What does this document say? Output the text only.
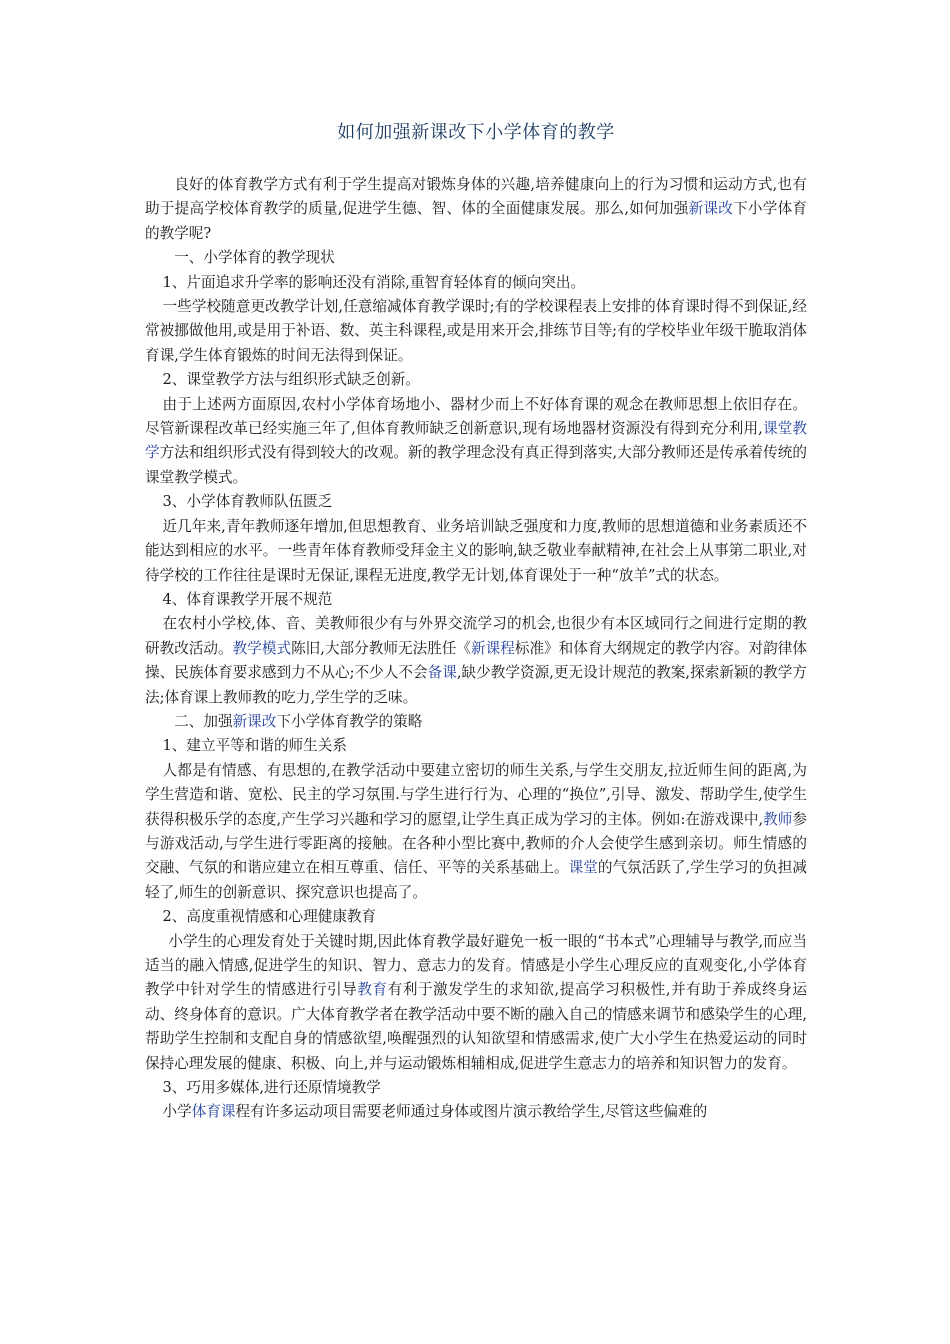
如何加强新课改下小学体育的教学

良好的体育教学方式有利于学生提高对锻炼身体的兴趣,培养健康向上的行为习惯和运动方式,也有助于提高学校体育教学的质量,促进学生德、智、体的全面健康发展。那么,如何加强新课改下小学体育的教学呢?

一、小学体育的教学现状

1、片面追求升学率的影响还没有消除,重智育轻体育的倾向突出。

一些学校随意更改教学计划,任意缩减体育教学课时;有的学校课程表上安排的体育课时得不到保证,经常被挪做他用,或是用于补语、数、英主科课程,或是用来开会,排练节目等;有的学校毕业年级干脆取消体育课,学生体育锻炼的时间无法得到保证。

2、课堂教学方法与组织形式缺乏创新。

由于上述两方面原因,农村小学体育场地小、器材少而上不好体育课的观念在教师思想上依旧存在。尽管新课程改革已经实施三年了,但体育教师缺乏创新意识,现有场地器材资源没有得到充分利用,课堂教学方法和组织形式没有得到较大的改观。新的教学理念没有真正得到落实,大部分教师还是传承着传统的课堂教学模式。

3、小学体育教师队伍匮乏

近几年来,青年教师逐年增加,但思想教育、业务培训缺乏强度和力度,教师的思想道德和业务素质还不能达到相应的水平。一些青年体育教师受拜金主义的影响,缺乏敬业奉献精神,在社会上从事第二职业,对待学校的工作往往是课时无保证,课程无进度,教学无计划,体育课处于一种“放羊”式的状态。

4、体育课教学开展不规范

在农村小学校,体、音、美教师很少有与外界交流学习的机会,也很少有本区域同行之间进行定期的教研教改活动。教学模式陈旧,大部分教师无法胜任《新课程标准》和体育大纲规定的教学内容。对韵律体操、民族体育要求感到力不从心;不少人不会备课,缺少教学资源,更无设计规范的教案,探索新颖的教学方法;体育课上教师教的吃力,学生学的乏味。

二、加强新课改下小学体育教学的策略

1、建立平等和谐的师生关系

人都是有情感、有思想的,在教学活动中要建立密切的师生关系,与学生交朋友,拉近师生间的距离,为学生营造和谐、宽松、民主的学习氛围.与学生进行行为、心理的“换位”,引导、激发、帮助学生,使学生获得积极乐学的态度,产生学习兴趣和学习的愿望,让学生真正成为学习的主体。例如:在游戏课中,教师参与游戏活动,与学生进行零距离的接触。在各种小型比赛中,教师的介人会使学生感到亲切。师生情感的交融、气氛的和谐应建立在相互尊重、信任、平等的关系基础上。课堂的气氛活跃了,学生学习的负担减轻了,师生的创新意识、探究意识也提高了。

2、高度重视情感和心理健康教育

小学生的心理发育处于关键时期,因此体育教学最好避免一板一眼的“书本式”心理辅导与教学,而应当适当的融入情感,促进学生的知识、智力、意志力的发育。情感是小学生心理反应的直观变化,小学体育教学中针对学生的情感进行引导教育有利于激发学生的求知欲,提高学习积极性,并有助于养成终身运动、终身体育的意识。广大体育教学者在教学活动中要不断的融入自己的情感来调节和感染学生的心理,帮助学生控制和支配自身的情感欲望,唤醒强烈的认知欲望和情感需求,使广大小学生在热爱运动的同时保持心理发展的健康、积极、向上,并与运动锻炼相辅相成,促进学生意志力的培养和知识智力的发育。

3、巧用多媒体,进行还原情境教学

小学体育课程有许多运动项目需要老师通过身体或图片演示教给学生,尽管这些偏难的
